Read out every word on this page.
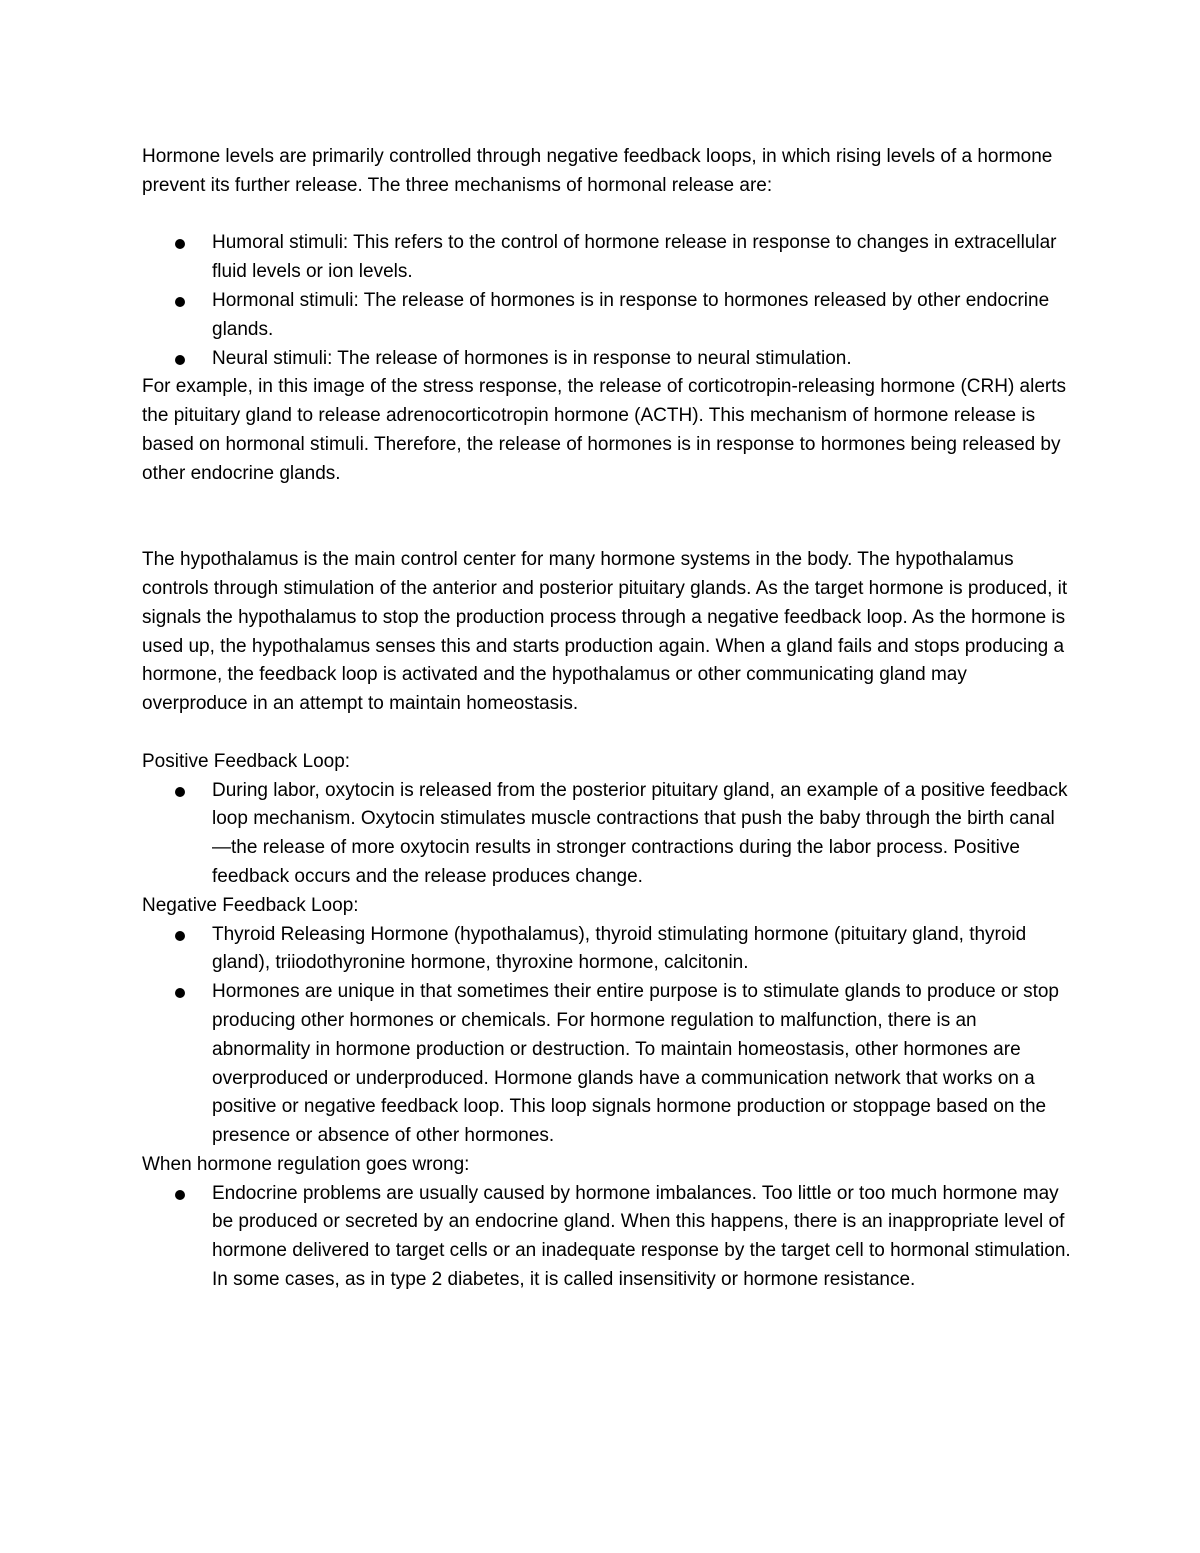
Hormone levels are primarily controlled through negative feedback loops, in which rising levels of a hormone prevent its further release. The three mechanisms of hormonal release are:

Humoral stimuli: This refers to the control of hormone release in response to changes in extracellular fluid levels or ion levels.
Hormonal stimuli: The release of hormones is in response to hormones released by other endocrine glands.
Neural stimuli: The release of hormones is in response to neural stimulation.

For example, in this image of the stress response, the release of corticotropin-releasing hormone (CRH) alerts the pituitary gland to release adrenocorticotropin hormone (ACTH). This mechanism of hormone release is based on hormonal stimuli. Therefore, the release of hormones is in response to hormones being released by other endocrine glands.

The hypothalamus is the main control center for many hormone systems in the body. The hypothalamus controls through stimulation of the anterior and posterior pituitary glands. As the target hormone is produced, it signals the hypothalamus to stop the production process through a negative feedback loop. As the hormone is used up, the hypothalamus senses this and starts production again. When a gland fails and stops producing a hormone, the feedback loop is activated and the hypothalamus or other communicating gland may overproduce in an attempt to maintain homeostasis.

Positive Feedback Loop:

During labor, oxytocin is released from the posterior pituitary gland, an example of a positive feedback loop mechanism. Oxytocin stimulates muscle contractions that push the baby through the birth canal—the release of more oxytocin results in stronger contractions during the labor process. Positive feedback occurs and the release produces change.

Negative Feedback Loop:

Thyroid Releasing Hormone (hypothalamus), thyroid stimulating hormone (pituitary gland, thyroid gland), triiodothyronine hormone, thyroxine hormone, calcitonin.
Hormones are unique in that sometimes their entire purpose is to stimulate glands to produce or stop producing other hormones or chemicals. For hormone regulation to malfunction, there is an abnormality in hormone production or destruction. To maintain homeostasis, other hormones are overproduced or underproduced. Hormone glands have a communication network that works on a positive or negative feedback loop. This loop signals hormone production or stoppage based on the presence or absence of other hormones.

When hormone regulation goes wrong:

Endocrine problems are usually caused by hormone imbalances. Too little or too much hormone may be produced or secreted by an endocrine gland. When this happens, there is an inappropriate level of hormone delivered to target cells or an inadequate response by the target cell to hormonal stimulation. In some cases, as in type 2 diabetes, it is called insensitivity or hormone resistance.
